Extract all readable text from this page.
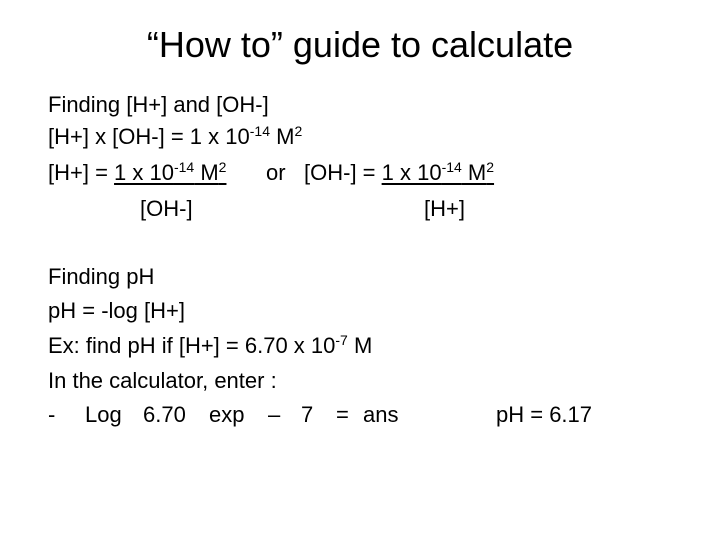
“How to” guide to calculate
Finding [H+] and [OH-]
[H+] x [OH-] = 1 x $10^{-14}$ $M^2$
[H+] = 1 x $10^{-14}$ $M^2$ or [OH-] = 1 x $10^{-14}$ $M^2$
[OH-]	[H+]
Finding pH
pH = -log [H+]
Ex: find pH if [H+] = 6.70 x $10^{-7}$ M
In the calculator, enter :
- Log 6.70 exp – 7 = ans	pH = 6.17
